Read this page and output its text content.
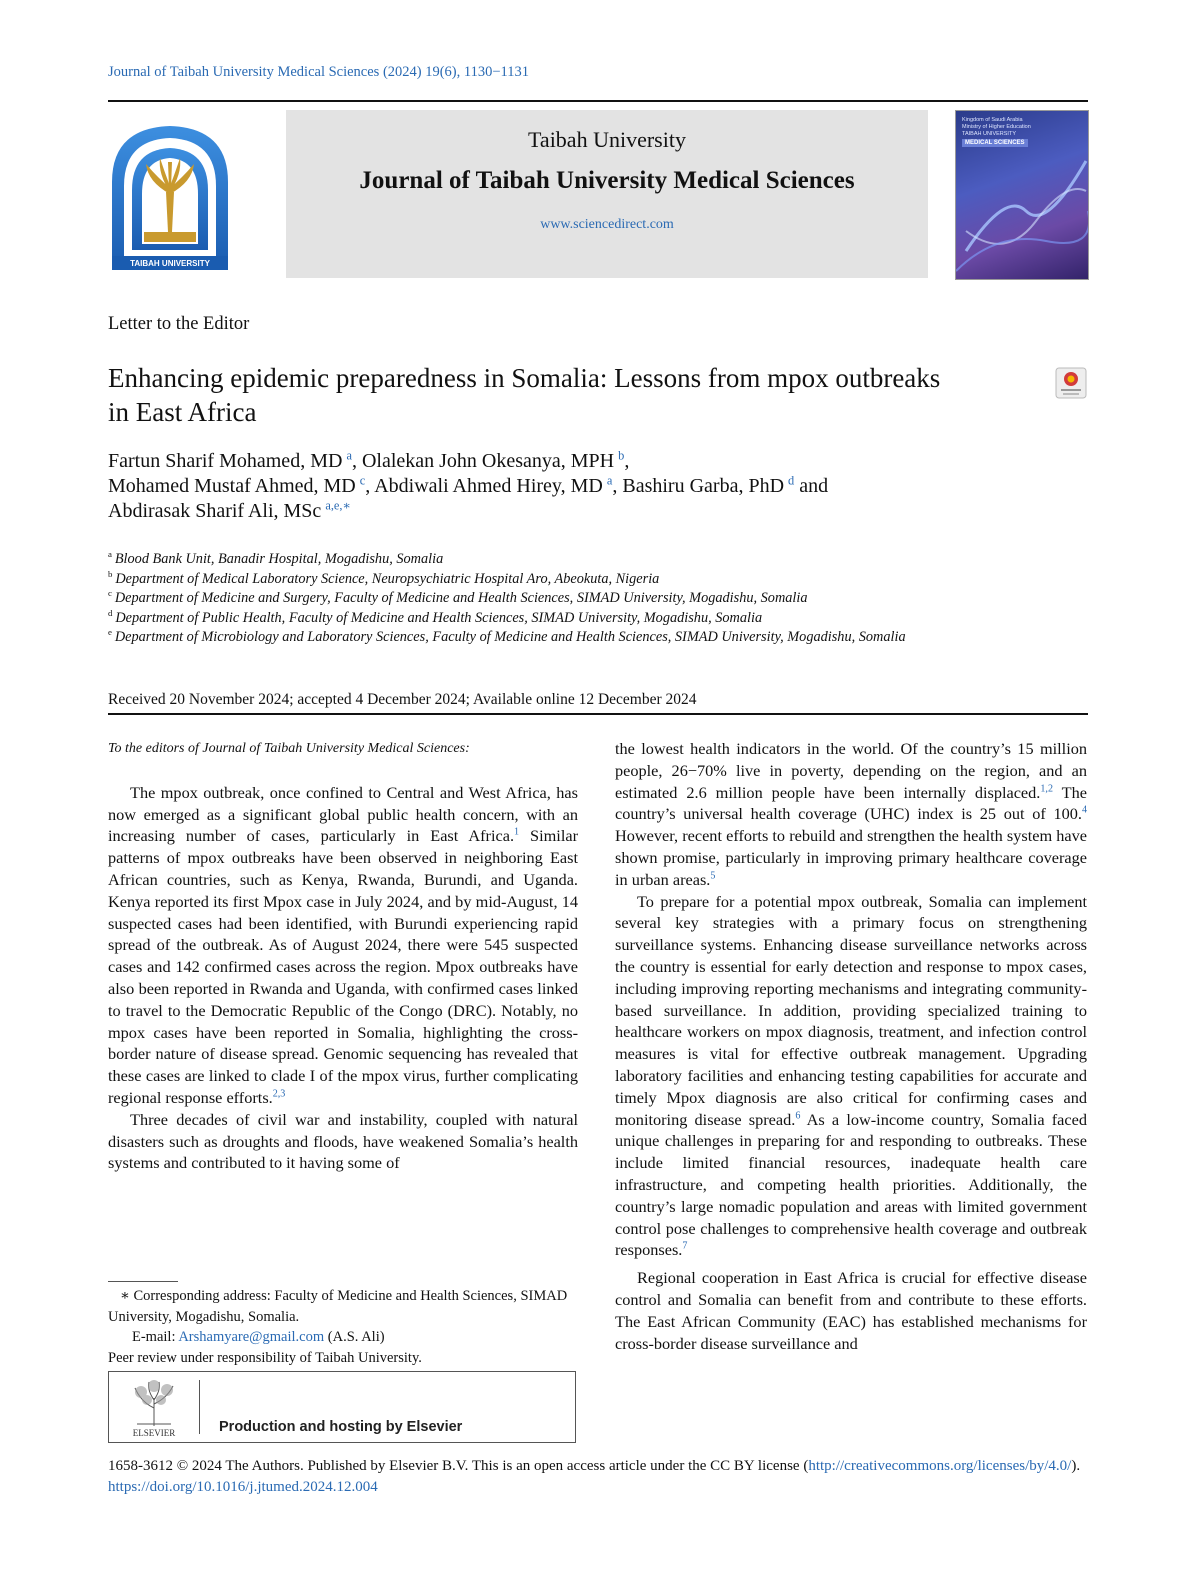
Journal of Taibah University Medical Sciences (2024) 19(6), 1130−1131
TAIBAH UNIVERSITY
Taibah University
Journal of Taibah University Medical Sciences
www.sciencedirect.com
Kingdom of Saudi Arabia
Ministry of Higher Education
TAIBAH UNIVERSITY
MEDICAL SCIENCES
Letter to the Editor
Enhancing epidemic preparedness in Somalia: Lessons from mpox outbreaks in East Africa
Fartun Sharif Mohamed, MD  $^a$, Olalekan John Okesanya, MPH  $^b$,
Mohamed Mustaf Ahmed, MD  $^c$, Abdiwali Ahmed Hirey, MD  $^a$, Bashiru Garba, PhD  $^d$ and
Abdirasak Sharif Ali, MSc  $^{a,e,∗}$
$^a$  Blood Bank Unit, Banadir Hospital, Mogadishu, Somalia
$^b$  Department of Medical Laboratory Science, Neuropsychiatric Hospital Aro, Abeokuta, Nigeria
$^c$  Department of Medicine and Surgery, Faculty of Medicine and Health Sciences, SIMAD University, Mogadishu, Somalia
$^d$  Department of Public Health, Faculty of Medicine and Health Sciences, SIMAD University, Mogadishu, Somalia
$^e$  Department of Microbiology and Laboratory Sciences, Faculty of Medicine and Health Sciences, SIMAD University, Mogadishu, Somalia
Received 20 November 2024; accepted 4 December 2024; Available online 12 December 2024

To the editors of Journal of Taibah University Medical Sciences:

The mpox outbreak, once confined to Central and West Africa, has now emerged as a significant global public health concern, with an increasing number of cases, particularly in East Africa.$^1$ Similar patterns of mpox outbreaks have been observed in neighboring East African countries, such as Kenya, Rwanda, Burundi, and Uganda. Kenya reported its first Mpox case in July 2024, and by mid-August, 14 suspected cases had been identified, with Burundi experiencing rapid spread of the outbreak. As of August 2024, there were 545 suspected cases and 142 confirmed cases across the region. Mpox outbreaks have also been reported in Rwanda and Uganda, with confirmed cases linked to travel to the Democratic Republic of the Congo (DRC). Notably, no mpox cases have been reported in Somalia, highlighting the cross-border nature of disease spread. Genomic sequencing has revealed that these cases are linked to clade I of the mpox virus, further complicating regional response efforts.$^{2,3}$

Three decades of civil war and instability, coupled with natural disasters such as droughts and floods, have weakened Somalia’s health systems and contributed to it having some of

the lowest health indicators in the world. Of the country’s 15 million people, 26−70% live in poverty, depending on the region, and an estimated 2.6 million people have been internally displaced.$^{1,2}$ The country’s universal health coverage (UHC) index is 25 out of 100.$^4$ However, recent efforts to rebuild and strengthen the health system have shown promise, particularly in improving primary healthcare coverage in urban areas.$^5$

To prepare for a potential mpox outbreak, Somalia can implement several key strategies with a primary focus on strengthening surveillance systems. Enhancing disease surveillance networks across the country is essential for early detection and response to mpox cases, including improving reporting mechanisms and integrating community-based surveillance. In addition, providing specialized training to healthcare workers on mpox diagnosis, treatment, and infection control measures is vital for effective outbreak management. Upgrading laboratory facilities and enhancing testing capabilities for accurate and timely Mpox diagnosis are also critical for confirming cases and monitoring disease spread.$^6$ As a low-income country, Somalia faced unique challenges in preparing for and responding to outbreaks. These include limited financial resources, inadequate health care infrastructure, and competing health priorities. Additionally, the country’s large nomadic population and areas with limited government control pose challenges to comprehensive health coverage and outbreak responses.$^7$

Regional cooperation in East Africa is crucial for effective disease control and Somalia can benefit from and contribute to these efforts. The East African Community (EAC) has established mechanisms for cross-border disease surveillance and

∗ Corresponding address: Faculty of Medicine and Health Sciences, SIMAD University, Mogadishu, Somalia.

E-mail: Arshamyare@gmail.com (A.S. Ali)

Peer review under responsibility of Taibah University.

ELSEVIER	Production and hosting by Elsevier
1658-3612 © 2024 The Authors. Published by Elsevier B.V. This is an open access article under the CC BY license (http://creativecommons.org/licenses/by/4.0/). https://doi.org/10.1016/j.jtumed.2024.12.004
